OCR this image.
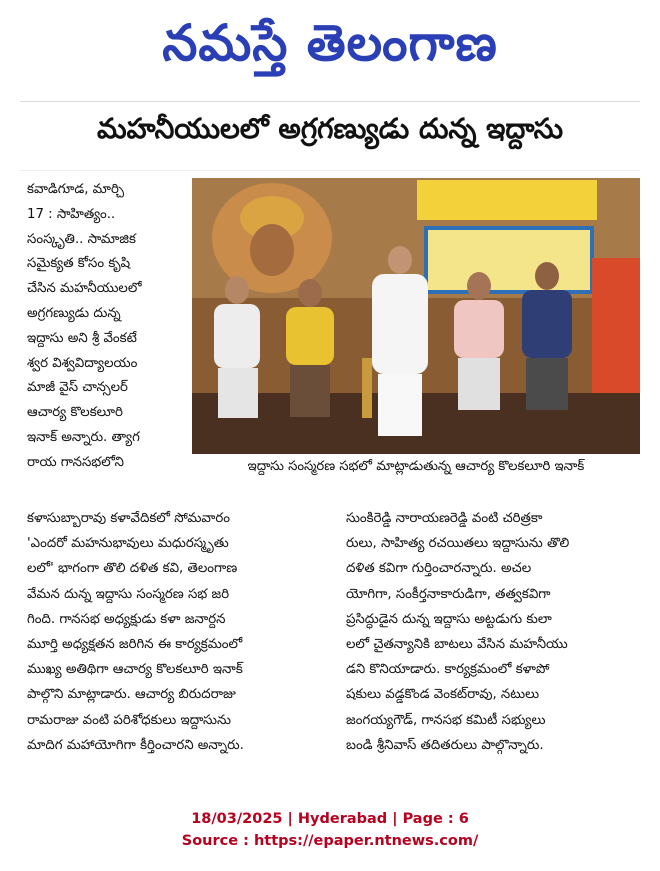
నమస్తే తెలంగాణ
మహనీయులలో అగ్రగణ్యుడు దున్న ఇద్దాసు
కవాడిగూడ, మార్చి
17 : సాహిత్యం..
సంస్కృతి.. సామాజిక
సమైక్యత కోసం కృషి
చేసిన మహనీయులలో
అగ్రగణ్యుడు దున్న
ఇద్దాసు అని శ్రీ వేంకటే
శ్వర విశ్వవిద్యాలయం
మాజీ వైస్ చాన్సలర్
ఆచార్య కొలకలూరి
ఇనాక్ అన్నారు. త్యాగ
రాయ గానసభలోని	ఇద్దాసు సంస్మరణ సభలో మాట్లాడుతున్న ఆచార్య కొలకలూరి ఇనాక్
కళాసుబ్బారావు కళావేదికలో సోమవారం
'ఎందరో మహనుభావులు మధురస్మృతు
లలో' భాగంగా తొలి దళిత కవి, తెలంగాణ
వేమన దున్న ఇద్దాసు సంస్మరణ సభ జరి
గింది. గానసభ అధ్యక్షుడు కళా జనార్దన
మూర్తి అధ్యక్షతన జరిగిన ఈ కార్యక్రమంలో
ముఖ్య అతిథిగా ఆచార్య కొలకలూరి ఇనాక్
పాల్గొని మాట్లాడారు. ఆచార్య బిరుదరాజు
రామరాజు వంటి పరిశోధకులు ఇద్దాసును
మాదిగ మహాయోగిగా కీర్తించారని అన్నారు.
సుంకిరెడ్డి నారాయణరెడ్డి వంటి చరిత్రకా
రులు, సాహిత్య రచయితలు ఇద్దాసును తొలి
దళిత కవిగా గుర్తించారన్నారు. అచల
యోగిగా, సంకీర్తనాకారుడిగా, తత్వకవిగా
ప్రసిద్ధుడైన దున్న ఇద్దాసు అట్టడుగు కులా
లలో చైతన్యానికి బాటలు వేసిన మహనీయు
డని కొనియాడారు. కార్యక్రమంలో కళాపో
షకులు వడ్డకొండ వెంకట్‌రావు, నటులు
జంగయ్యగౌడ్, గానసభ కమిటీ సభ్యులు
బండి శ్రీనివాస్ తదితరులు పాల్గొన్నారు.
18/03/2025 | Hyderabad | Page : 6
Source : https://epaper.ntnews.com/
